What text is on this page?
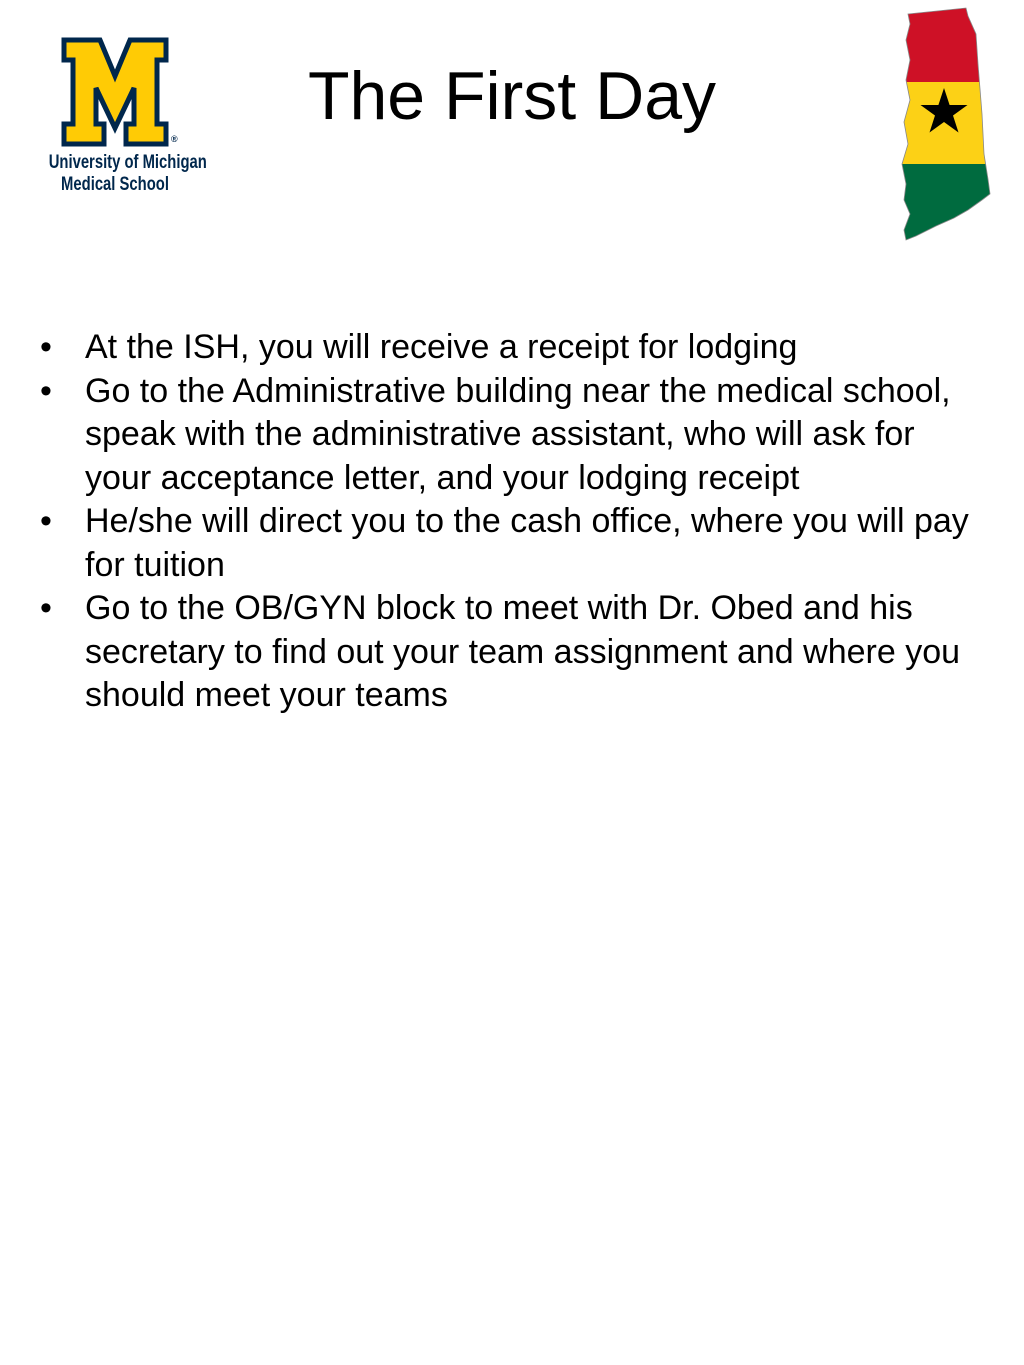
®
University of Michigan
Medical School
The First Day
• At the ISH, you will receive a receipt for lodging
• Go to the Administrative building near the medical school, speak with the administrative assistant, who will ask for your acceptance letter, and your lodging receipt
• He/she will direct you to the cash office, where you will pay for tuition
• Go to the OB/GYN block to meet with Dr. Obed and his secretary to find out your team assignment and where you should meet your teams
